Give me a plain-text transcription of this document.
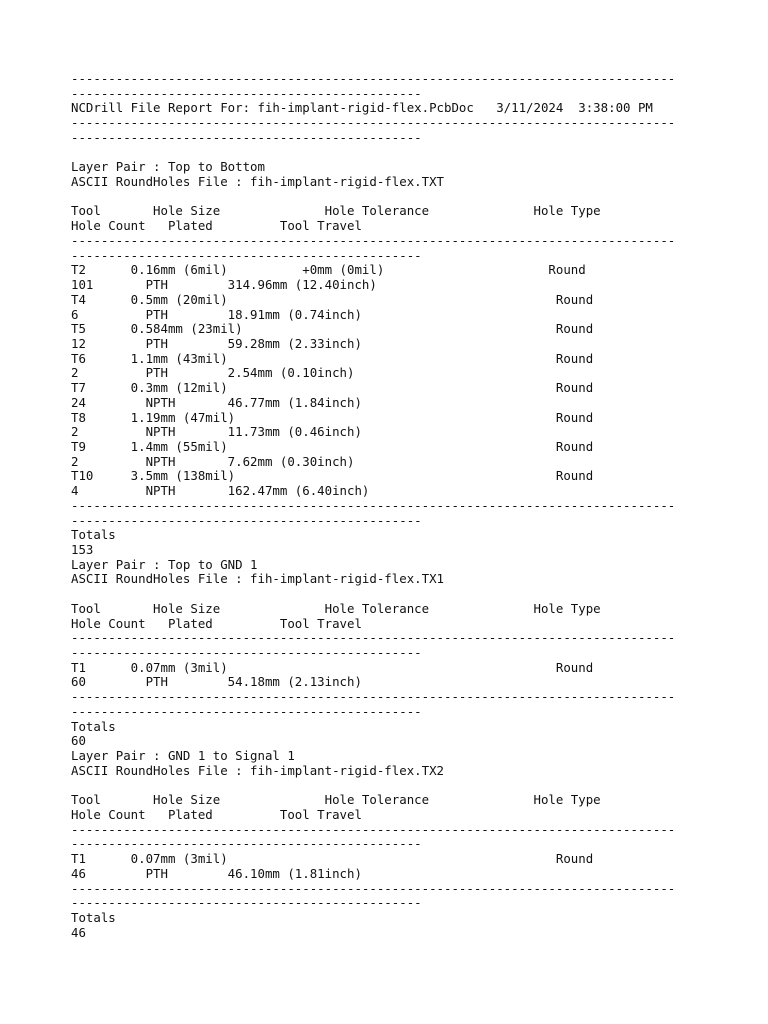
---------------------------------------------------------------------------------
-----------------------------------------------
NCDrill File Report For: fih-implant-rigid-flex.PcbDoc   3/11/2024  3:38:00 PM
---------------------------------------------------------------------------------
-----------------------------------------------
Layer Pair : Top to Bottom
ASCII RoundHoles File : fih-implant-rigid-flex.TXT
Tool       Hole Size              Hole Tolerance              Hole Type
Hole Count   Plated         Tool Travel
---------------------------------------------------------------------------------
-----------------------------------------------
T2      0.16mm (6mil)          +0mm (0mil)                      Round
101       PTH        314.96mm (12.40inch)
T4      0.5mm (20mil)                                            Round
6         PTH        18.91mm (0.74inch)
T5      0.584mm (23mil)                                          Round
12        PTH        59.28mm (2.33inch)
T6      1.1mm (43mil)                                            Round
2         PTH        2.54mm (0.10inch)
T7      0.3mm (12mil)                                            Round
24        NPTH       46.77mm (1.84inch)
T8      1.19mm (47mil)                                           Round
2         NPTH       11.73mm (0.46inch)
T9      1.4mm (55mil)                                            Round
2         NPTH       7.62mm (0.30inch)
T10     3.5mm (138mil)                                           Round
4         NPTH       162.47mm (6.40inch)
---------------------------------------------------------------------------------
-----------------------------------------------
Totals
153
Layer Pair : Top to GND 1
ASCII RoundHoles File : fih-implant-rigid-flex.TX1
Tool       Hole Size              Hole Tolerance              Hole Type
Hole Count   Plated         Tool Travel
---------------------------------------------------------------------------------
-----------------------------------------------
T1      0.07mm (3mil)                                            Round
60        PTH        54.18mm (2.13inch)
---------------------------------------------------------------------------------
-----------------------------------------------
Totals
60
Layer Pair : GND 1 to Signal 1
ASCII RoundHoles File : fih-implant-rigid-flex.TX2
Tool       Hole Size              Hole Tolerance              Hole Type
Hole Count   Plated         Tool Travel
---------------------------------------------------------------------------------
-----------------------------------------------
T1      0.07mm (3mil)                                            Round
46        PTH        46.10mm (1.81inch)
---------------------------------------------------------------------------------
-----------------------------------------------
Totals
46
